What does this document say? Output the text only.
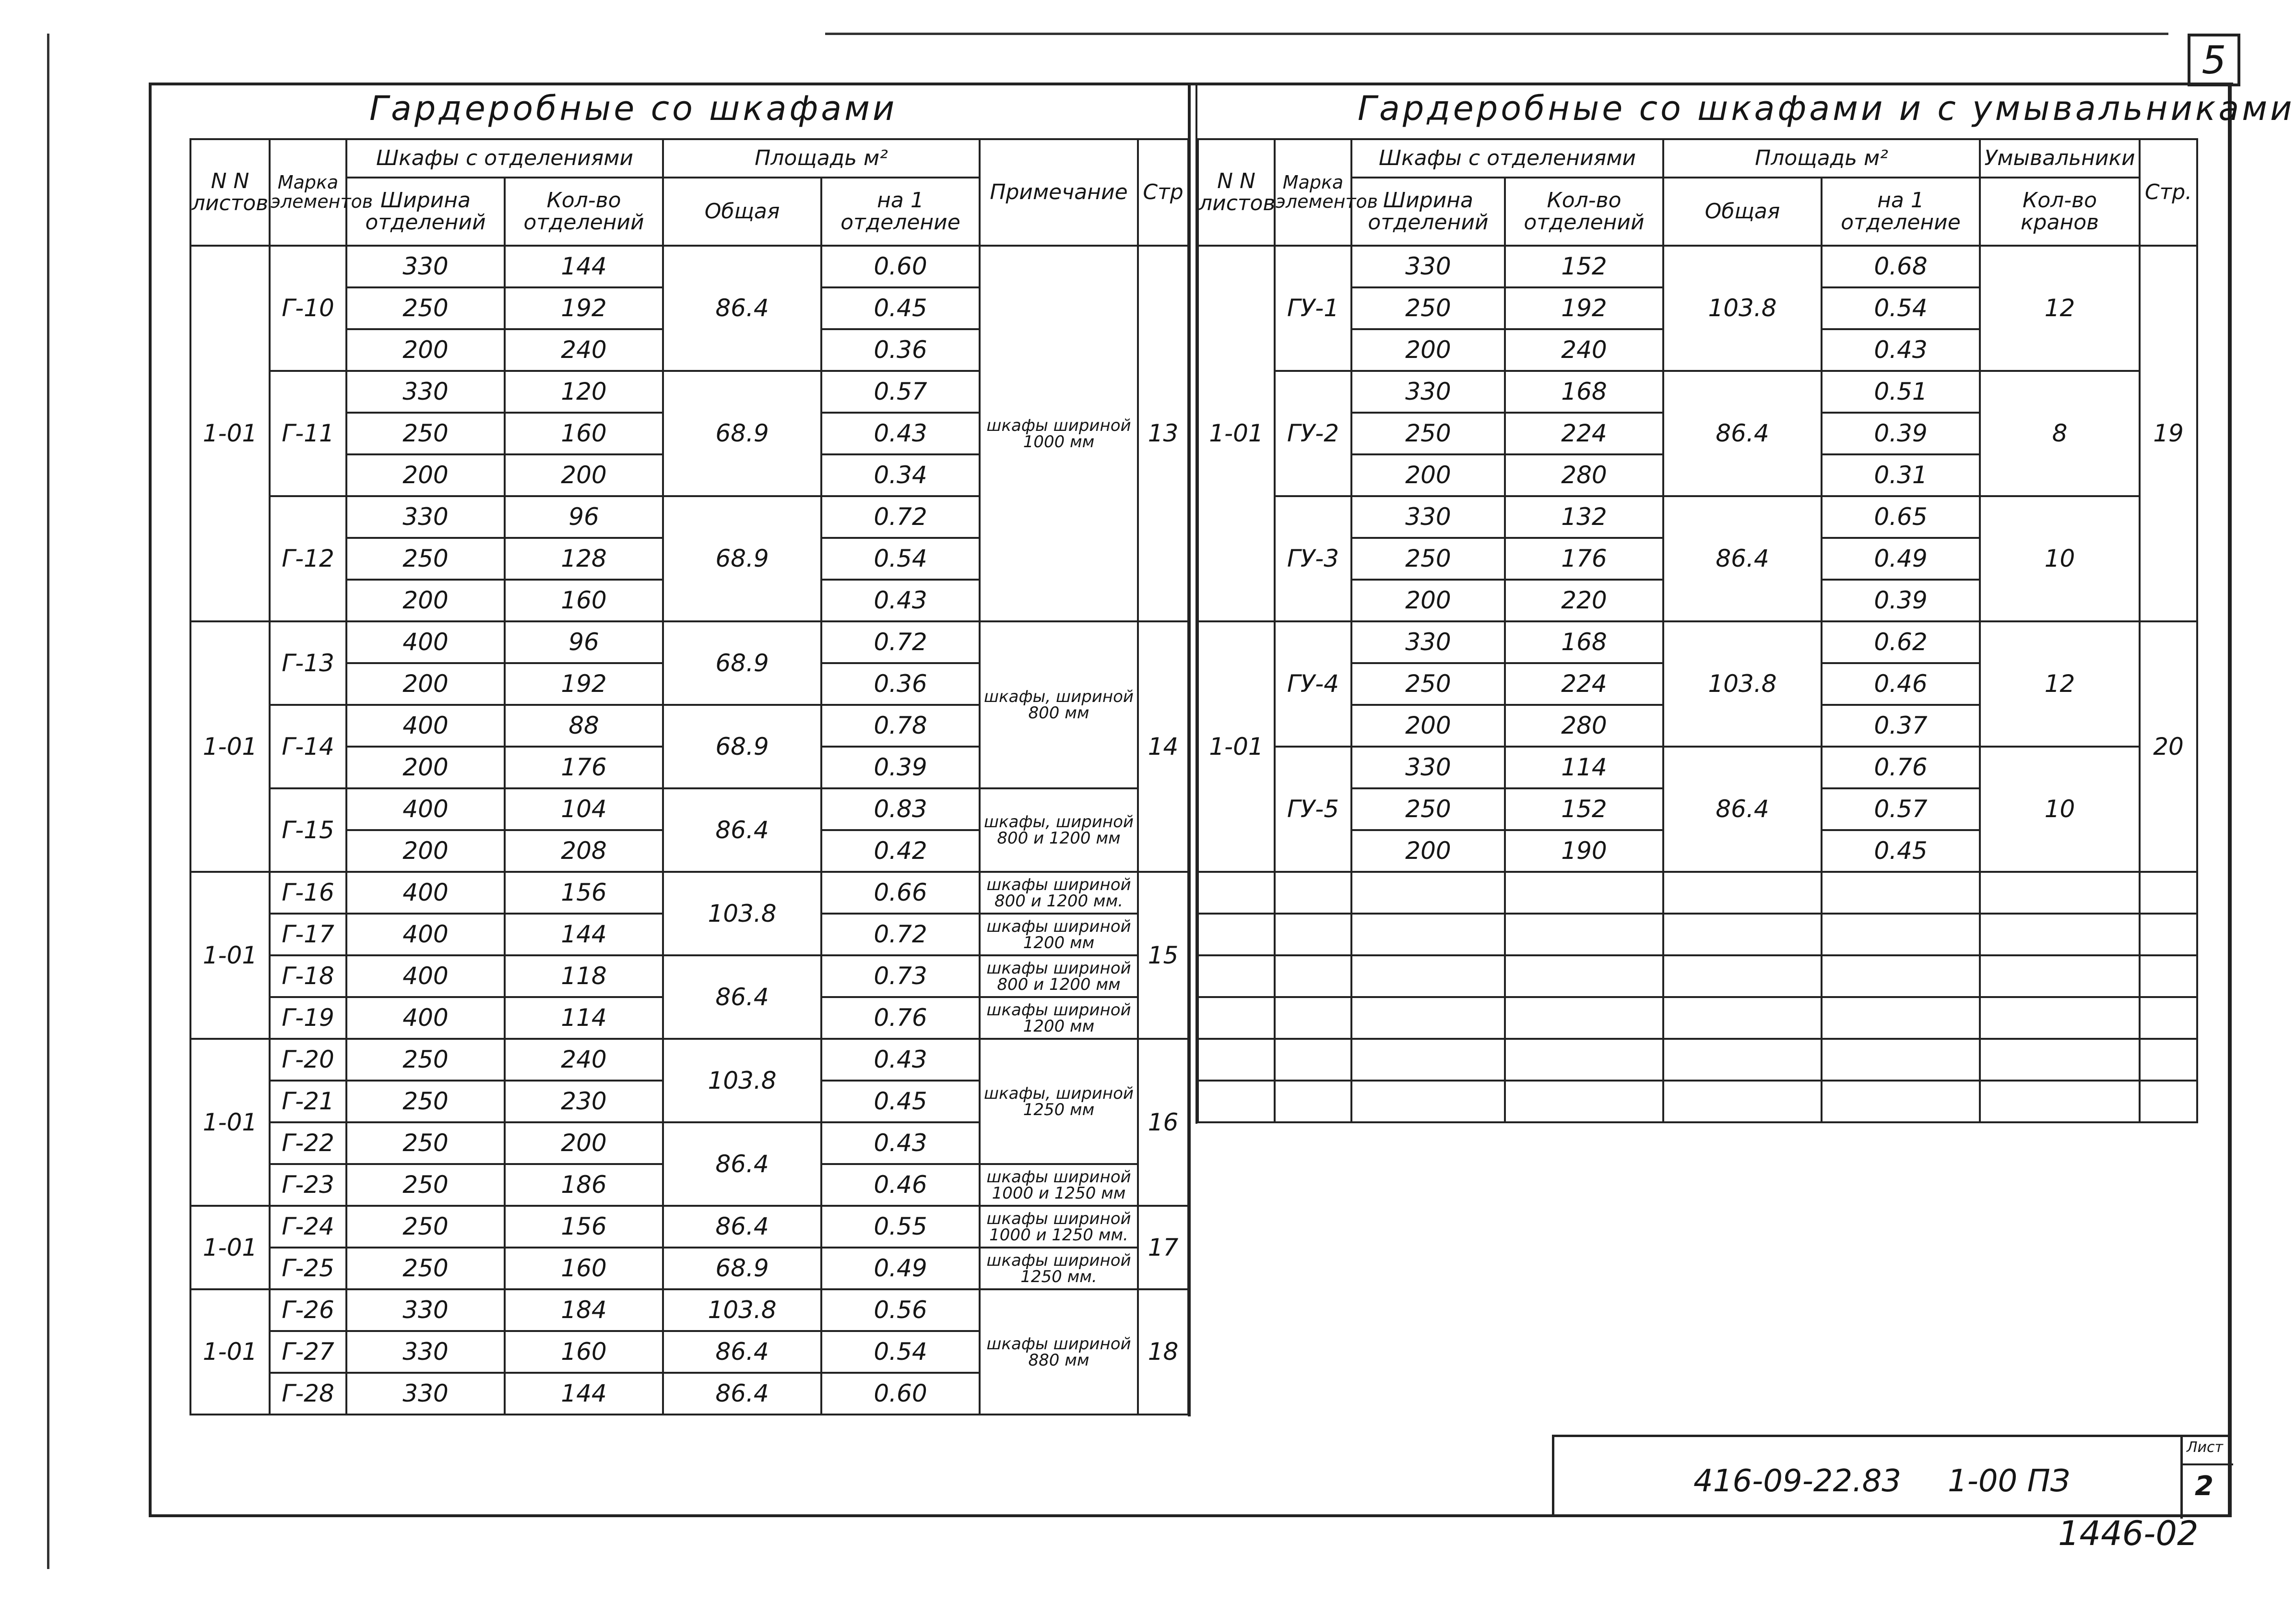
5
Гардеробные со шкафами	Гардеробные со шкафами и с умывальниками
N N листов	Марка элементов	Шкафы с отделениями		Площадь м²		Примечание	Стр
		Ширина отделений	Кол-во отделений	Общая	на 1 отделение		
1-01	Г-10	330	144	86.4	0.60	шкафы шириной 1000 мм	13
		250	192		0.45		
		200	240		0.36		
	Г-11	330	120	68.9	0.57		
		250	160		0.43		
		200	200		0.34		
	Г-12	330	96	68.9	0.72		
		250	128		0.54		
		200	160		0.43		
1-01	Г-13	400	96	68.9	0.72	шкафы, шириной 800 мм	14
		200	192		0.36		
	Г-14	400	88	68.9	0.78		
		200	176		0.39		
	Г-15	400	104	86.4	0.83	шкафы, шириной 800 и 1200 мм	
		200	208		0.42		
1-01	Г-16	400	156	103.8	0.66	шкафы шириной 800 и 1200 мм.	15
	Г-17	400	144		0.72	шкафы шириной 1200 мм	
	Г-18	400	118	86.4	0.73	шкафы шириной 800 и 1200 мм	
	Г-19	400	114		0.76	шкафы шириной 1200 мм	
1-01	Г-20	250	240	103.8	0.43	шкафы, шириной 1250 мм	16
	Г-21	250	230		0.45		
	Г-22	250	200	86.4	0.43		
	Г-23	250	186		0.46	шкафы шириной 1000 и 1250 мм	
1-01	Г-24	250	156	86.4	0.55	шкафы шириной 1000 и 1250 мм.	17
	Г-25	250	160	68.9	0.49	шкафы шириной 1250 мм.	
1-01	Г-26	330	184	103.8	0.56	шкафы шириной 880 мм	18
	Г-27	330	160	86.4	0.54		
	Г-28	330	144	86.4	0.60		
N N листов	Марка элементов	Шкафы с отделениями		Площадь м²		Умывальники	Стр.
		Ширина отделений	Кол-во отделений	Общая	на 1 отделение	Кол-во кранов	
1-01	ГУ-1	330	152	103.8	0.68	12	19
		250	192		0.54		
		200	240		0.43		
	ГУ-2	330	168	86.4	0.51	8	
		250	224		0.39		
		200	280		0.31		
	ГУ-3	330	132	86.4	0.65	10	
		250	176		0.49		
		200	220		0.39		
1-01	ГУ-4	330	168	103.8	0.62	12	20
		250	224		0.46		
		200	280		0.37		
	ГУ-5	330	114	86.4	0.76	10	
		250	152		0.57		
		200	190		0.45		

416-09-22.83 1-00 ПЗ
Лист
2
1446-02
